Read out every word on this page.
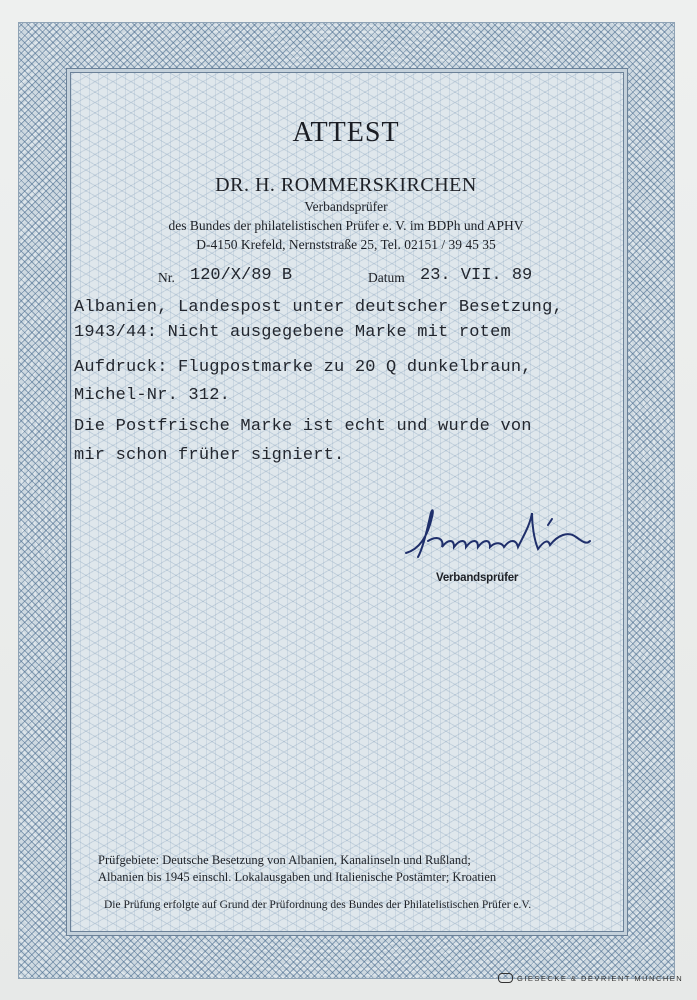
ATTEST
DR. H. ROMMERSKIRCHEN
Verbandsprüfer
des Bundes der philatelistischen Prüfer e. V. im BDPh und APHV
D-4150 Krefeld, Nernststraße 25, Tel. 02151 / 39 45 35
Nr. 120/X/89 B	Datum 23. VII. 89
Albanien, Landespost unter deutscher Besetzung,
1943/44: Nicht ausgegebene Marke mit rotem
Aufdruck: Flugpostmarke zu 20 Q dunkelbraun,
Michel-Nr. 312.
Die Postfrische Marke ist echt und wurde von
mir schon früher signiert.
Verbandsprüfer
Prüfgebiete: Deutsche Besetzung von Albanien, Kanalinseln und Rußland;
Albanien bis 1945 einschl. Lokalausgaben und Italienische Postämter; Kroatien
Die Prüfung erfolgte auf Grund der Prüfordnung des Bundes der Philatelistischen Prüfer e.V.
GIESECKE & DEVRIENT MÜNCHEN
